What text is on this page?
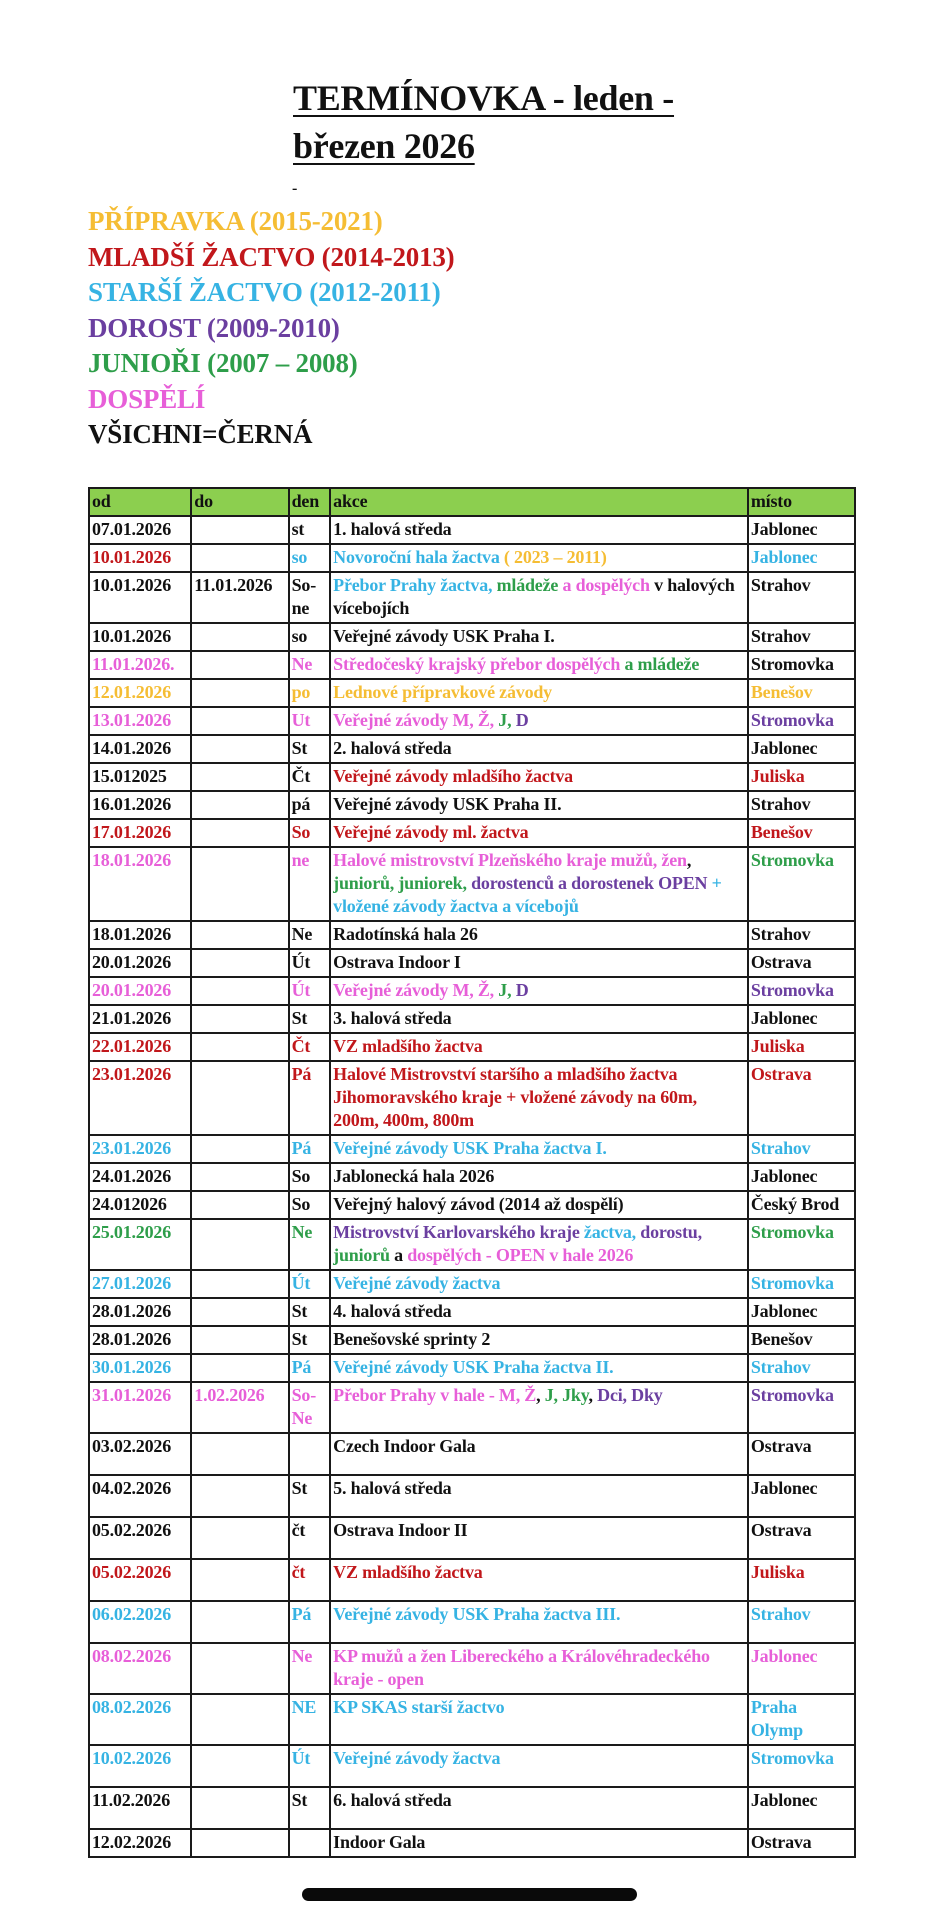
TERMÍNOVKA - leden -
březen 2026
-
PŘÍPRAVKA (2015-2021)
MLADŠÍ ŽACTVO (2014-2013)
STARŠÍ ŽACTVO (2012-2011)
DOROST (2009-2010)
JUNIOŘI (2007 – 2008)
DOSPĚLÍ
VŠICHNI=ČERNÁ
od	do	den	akce	místo
07.01.2026		st	1. halová středa	Jablonec
10.01.2026		so	Novoroční hala žactva ( 2023 – 2011)	Jablonec
10.01.2026	11.01.2026	So-ne	Přebor Prahy žactva, mládeže a dospělých v halových vícebojích	Strahov
10.01.2026		so	Veřejné závody USK Praha I.	Strahov
11.01.2026.		Ne	Středočeský krajský přebor dospělých a mládeže	Stromovka
12.01.2026		po	Lednové přípravkové závody	Benešov
13.01.2026		Ut	Veřejné závody M, Ž, J, D	Stromovka
14.01.2026		St	2. halová středa	Jablonec
15.012025		Čt	Veřejné závody mladšího žactva	Juliska
16.01.2026		pá	Veřejné závody USK Praha II.	Strahov
17.01.2026		So	Veřejné závody ml. žactva	Benešov
18.01.2026		ne	Halové mistrovství Plzeňského kraje mužů, žen, juniorů, juniorek, dorostenců a dorostenek OPEN + vložené závody žactva a vícebojů	Stromovka
18.01.2026		Ne	Radotínská hala 26	Strahov
20.01.2026		Út	Ostrava Indoor I	Ostrava
20.01.2026		Út	Veřejné závody M, Ž, J, D	Stromovka
21.01.2026		St	3. halová středa	Jablonec
22.01.2026		Čt	VZ mladšího žactva	Juliska
23.01.2026		Pá	Halové Mistrovství staršího a mladšího žactva Jihomoravského kraje + vložené závody na 60m, 200m, 400m, 800m	Ostrava
23.01.2026		Pá	Veřejné závody USK Praha žactva I.	Strahov
24.01.2026		So	Jablonecká hala 2026	Jablonec
24.012026		So	Veřejný halový závod (2014 až dospělí)	Český Brod
25.01.2026		Ne	Mistrovství Karlovarského kraje žactva, dorostu, juniorů a dospělých - OPEN v hale 2026	Stromovka
27.01.2026		Út	Veřejné závody žactva	Stromovka
28.01.2026		St	4. halová středa	Jablonec
28.01.2026		St	Benešovské sprinty 2	Benešov
30.01.2026		Pá	Veřejné závody USK Praha žactva II.	Strahov
31.01.2026	1.02.2026	So-Ne	Přebor Prahy v hale - M, Ž, J, Jky, Dci, Dky	Stromovka
03.02.2026			Czech Indoor Gala	Ostrava
04.02.2026		St	5. halová středa	Jablonec
05.02.2026		čt	Ostrava Indoor II	Ostrava
05.02.2026		čt	VZ mladšího žactva	Juliska
06.02.2026		Pá	Veřejné závody USK Praha žactva III.	Strahov
08.02.2026		Ne	KP mužů a žen Libereckého a Královéhradeckého kraje - open	Jablonec
08.02.2026		NE	KP SKAS starší žactvo	Praha Olymp
10.02.2026		Út	Veřejné závody žactva	Stromovka
11.02.2026		St	6. halová středa	Jablonec
12.02.2026			Indoor Gala	Ostrava
